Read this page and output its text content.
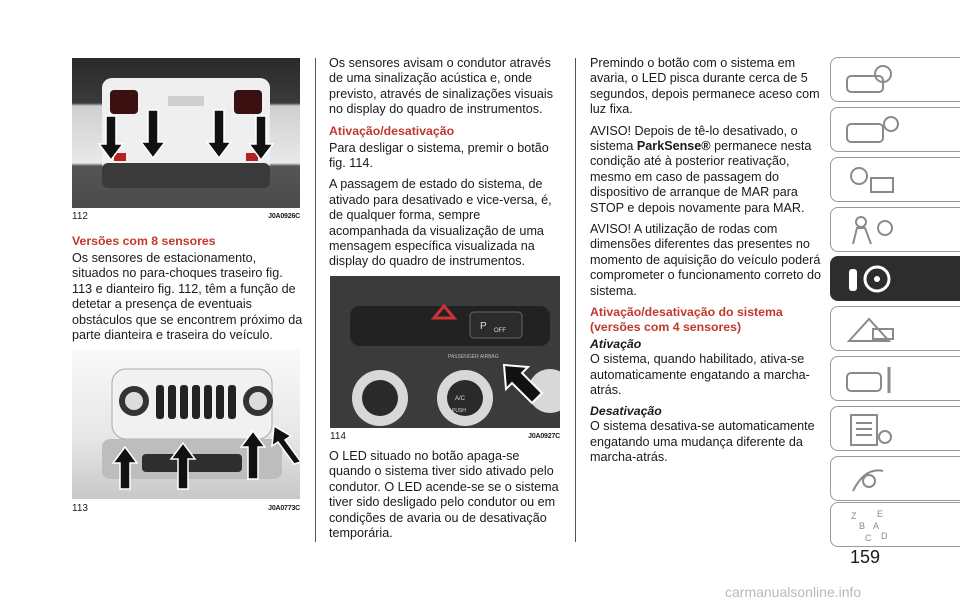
112	J0A0926C
Versões com 8 sensores

Os sensores de estacionamento, situados no para-choques traseiro fig. 113 e dianteiro fig. 112, têm a função de detetar a presença de eventuais obstáculos que se encontrem próximo da parte dianteira e traseira do veículo.

113	J0A0773C

Os sensores avisam o condutor através de uma sinalização acústica e, onde previsto, através de sinalizações visuais no display do quadro de instrumentos.

Ativação/desativação

Para desligar o sistema, premir o botão fig. 114.

A passagem de estado do sistema, de ativado para desativado e vice-versa, é, de qualquer forma, sempre acompanhada da visualização de uma mensagem específica visualizada na display do quadro de instrumentos.

P OFF
PASSENGER AIRBAG
A/C
PUSH
114	J0A0927C

O LED situado no botão apaga-se quando o sistema tiver sido ativado pelo condutor. O LED acende-se se o sistema tiver sido desligado pelo condutor ou em condições de avaria ou de desativação temporária.

Premindo o botão com o sistema em avaria, o LED pisca durante cerca de 5 segundos, depois permanece aceso com luz fixa.

AVISO! Depois de tê-lo desativado, o sistema ParkSense® permanece nesta condição até à posterior reativação, mesmo em caso de passagem do dispositivo de arranque de MAR para STOP e depois novamente para MAR.

AVISO! A utilização de rodas com dimensões diferentes das presentes no momento de aquisição do veículo poderá comprometer o funcionamento correto do sistema.

Ativação/desativação do sistema (versões com 4 sensores)
Ativação

O sistema, quando habilitado, ativa-se automaticamente engatando a marcha-atrás.

Desativação

O sistema desativa-se automaticamente engatando uma mudança diferente da marcha-atrás.

Z E
B A
C D
159
carmanualsonline.info
